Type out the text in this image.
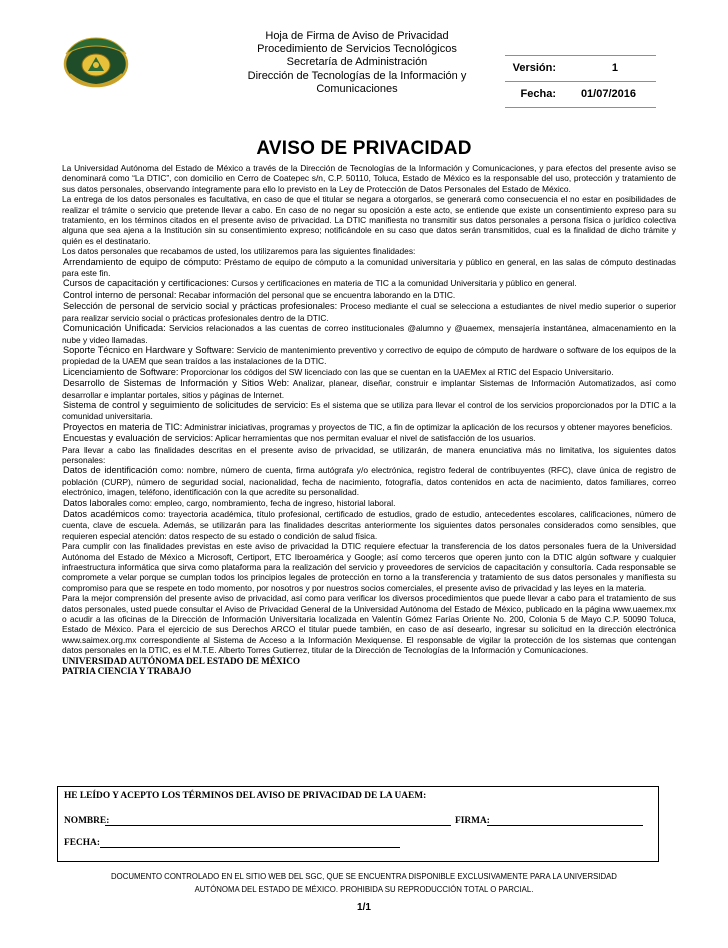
Hoja de Firma de Aviso de Privacidad
Procedimiento de Servicios Tecnológicos
Secretaría de Administración
Dirección de Tecnologías de la Información y
Comunicaciones
Versión:	1
Fecha: 01/07/2016
AVISO DE PRIVACIDAD

La Universidad Autónoma del Estado de México a través de la Dirección de Tecnologías de la Información y Comunicaciones, y para efectos del presente aviso se denominará como “La DTIC”, con domicilio en Cerro de Coatepec s/n, C.P. 50110, Toluca, Estado de México es la responsable del uso, protección y tratamiento de sus datos personales, observando íntegramente para ello lo previsto en la Ley de Protección de Datos Personales del Estado de México.

La entrega de los datos personales es facultativa, en caso de que el titular se negara a otorgarlos, se generará como consecuencia el no estar en posibilidades de realizar el trámite o servicio que pretende llevar a cabo. En caso de no negar su oposición a este acto, se entiende que existe un consentimiento expreso para su tratamiento, en los términos citados en el presente aviso de privacidad. La DTIC manifiesta no transmitir sus datos personales a persona física o jurídico colectiva alguna que sea ajena a la Institución sin su consentimiento expreso; notificándole en su caso que datos serán transmitidos, cual es la finalidad de dicho trámite y quién es el destinatario.

Los datos personales que recabamos de usted, los utilizaremos para las siguientes finalidades:

Arrendamiento de equipo de cómputo: Préstamo de equipo de cómputo a la comunidad universitaria y público en general, en las salas de cómputo destinadas para este fin.

Cursos de capacitación y certificaciones: Cursos y certificaciones en materia de TIC a la comunidad Universitaria y público en general.

Control interno de personal: Recabar información del personal que se encuentra laborando en la DTIC.

Selección de personal de servicio social y prácticas profesionales: Proceso mediante el cual se selecciona a estudiantes de nivel medio superior o superior para realizar servicio social o prácticas profesionales dentro de la DTIC.

Comunicación Unificada: Servicios relacionados a las cuentas de correo institucionales @alumno y @uaemex, mensajería instantánea, almacenamiento en la nube y video llamadas.

Soporte Técnico en Hardware y Software: Servicio de mantenimiento preventivo y correctivo de equipo de cómputo de hardware o software de los equipos de la propiedad de la UAEM que sean traídos a las instalaciones de la DTIC.

Licenciamiento de Software: Proporcionar los códigos del SW licenciado con las que se cuentan en la UAEMex al RTIC del Espacio Universitario.

Desarrollo de Sistemas de Información y Sitios Web: Analizar, planear, diseñar, construir e implantar Sistemas de Información Automatizados, así como desarrollar e implantar portales, sitios y páginas de Internet.

Sistema de control y seguimiento de solicitudes de servicio: Es el sistema que se utiliza para llevar el control de los servicios proporcionados por la DTIC a la comunidad universitaria.

Proyectos en materia de TIC: Administrar iniciativas, programas y proyectos de TIC, a fin de optimizar la aplicación de los recursos y obtener mayores beneficios.

Encuestas y evaluación de servicios: Aplicar herramientas que nos permitan evaluar el nivel de satisfacción de los usuarios.

Para llevar a cabo las finalidades descritas en el presente aviso de privacidad, se utilizarán, de manera enunciativa más no limitativa, los siguientes datos personales:

Datos de identificación como: nombre, número de cuenta, firma autógrafa y/o electrónica, registro federal de contribuyentes (RFC), clave única de registro de población (CURP), número de seguridad social, nacionalidad, fecha de nacimiento, fotografía, datos contenidos en acta de nacimiento, datos familiares, correo electrónico, imagen, teléfono, identificación con la que acredite su personalidad.

Datos laborales como: empleo, cargo, nombramiento, fecha de ingreso, historial laboral.

Datos académicos como: trayectoria académica, título profesional, certificado de estudios, grado de estudio, antecedentes escolares, calificaciones, número de cuenta, clave de escuela. Además, se utilizarán para las finalidades descritas anteriormente los siguientes datos personales considerados como sensibles, que requieren especial atención: datos respecto de su estado o condición de salud física.

Para cumplir con las finalidades previstas en este aviso de privacidad la DTIC requiere efectuar la transferencia de los datos personales fuera de la Universidad Autónoma del Estado de México a Microsoft, Certiport, ETC Iberoamérica y Google; así como terceros que operen junto con la DTIC algún software y cualquier infraestructura informática que sirva como plataforma para la realización del servicio y proveedores de servicios de capacitación y consultoría. Cada responsable se compromete a velar porque se cumplan todos los principios legales de protección en torno a la transferencia y tratamiento de sus datos personales y manifiesta su compromiso para que se respete en todo momento, por nosotros y por nuestros socios comerciales, el presente aviso de privacidad y las leyes en la materia.

Para la mejor comprensión del presente aviso de privacidad, así como para verificar los diversos procedimientos que puede llevar a cabo para el tratamiento de sus datos personales, usted puede consultar el Aviso de Privacidad General de la Universidad Autónoma del Estado de México, publicado en la página www.uaemex.mx o acudir a las oficinas de la Dirección de Información Universitaria localizada en Valentín Gómez Farías Oriente No. 200, Colonia 5 de Mayo C.P. 50090 Toluca, Estado de México. Para el ejercicio de sus Derechos ARCO el titular puede también, en caso de así desearlo, ingresar su solicitud en la dirección electrónica www.saimex.org.mx correspondiente al Sistema de Acceso a la Información Mexiquense. El responsable de vigilar la protección de los sistemas que contengan datos personales en la DTIC, es el M.T.E. Alberto Torres Gutierrez, titular de la Dirección de Tecnologías de la Información y Comunicaciones.

UNIVERSIDAD AUTÓNOMA DEL ESTADO DE MÉXICO
PATRIA CIENCIA Y TRABAJO
HE LEÍDO Y ACEPTO LOS TÉRMINOS DEL AVISO DE PRIVACIDAD DE LA UAEM:
NOMBRE:	FIRMA:
FECHA:
DOCUMENTO CONTROLADO EN EL SITIO WEB DEL SGC, QUE SE ENCUENTRA DISPONIBLE EXCLUSIVAMENTE PARA LA UNIVERSIDAD
AUTÓNOMA DEL ESTADO DE MÉXICO. PROHIBIDA SU REPRODUCCIÓN TOTAL O PARCIAL.
1/1
